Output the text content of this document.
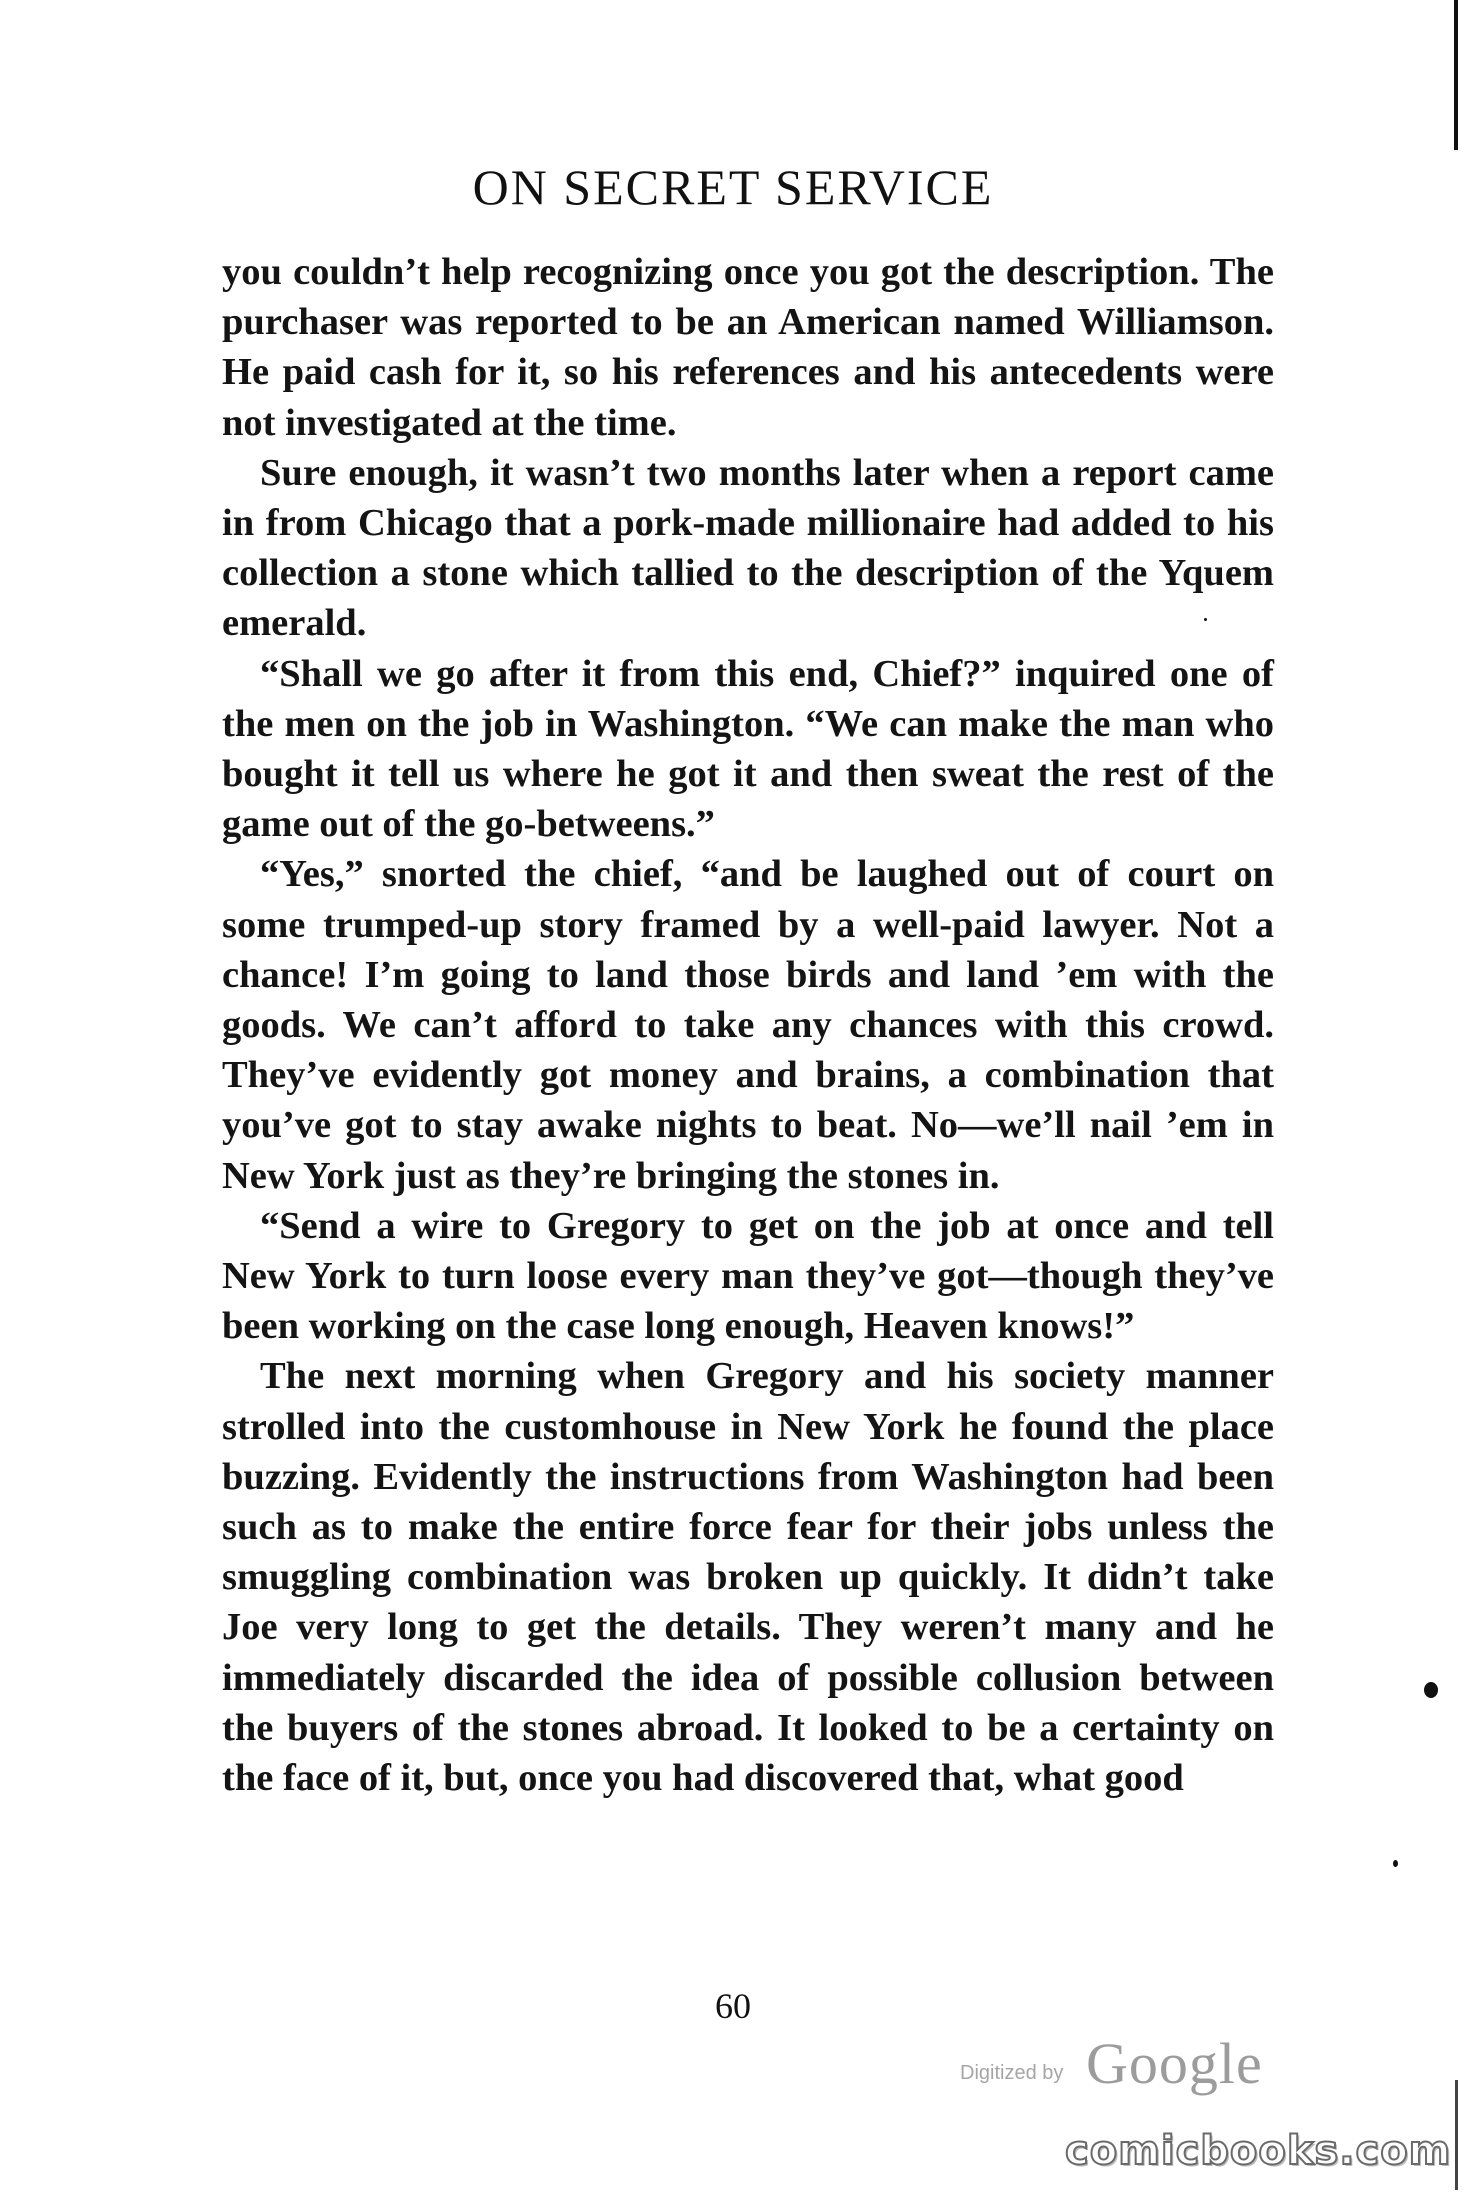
ON SECRET SERVICE

you couldn’t help recognizing once you got the description. The purchaser was reported to be an American named Williamson. He paid cash for it, so his references and his antecedents were not investigated at the time.

Sure enough, it wasn’t two months later when a report came in from Chicago that a pork-made millionaire had added to his collection a stone which tallied to the description of the Yquem emerald.

“Shall we go after it from this end, Chief?” inquired one of the men on the job in Washington. “We can make the man who bought it tell us where he got it and then sweat the rest of the game out of the go-betweens.”

“Yes,” snorted the chief, “and be laughed out of court on some trumped-up story framed by a well-paid lawyer. Not a chance! I’m going to land those birds and land ’em with the goods. We can’t afford to take any chances with this crowd. They’ve evidently got money and brains, a combination that you’ve got to stay awake nights to beat. No—we’ll nail ’em in New York just as they’re bringing the stones in.

“Send a wire to Gregory to get on the job at once and tell New York to turn loose every man they’ve got—though they’ve been working on the case long enough, Heaven knows!”

The next morning when Gregory and his society manner strolled into the customhouse in New York he found the place buzzing. Evidently the instructions from Washington had been such as to make the entire force fear for their jobs unless the smuggling combination was broken up quickly. It didn’t take Joe very long to get the details. They weren’t many and he immediately discarded the idea of possible collusion between the buyers of the stones abroad. It looked to be a certainty on the face of it, but, once you had discovered that, what good

60
Digitized by Google
comicbooks.com
